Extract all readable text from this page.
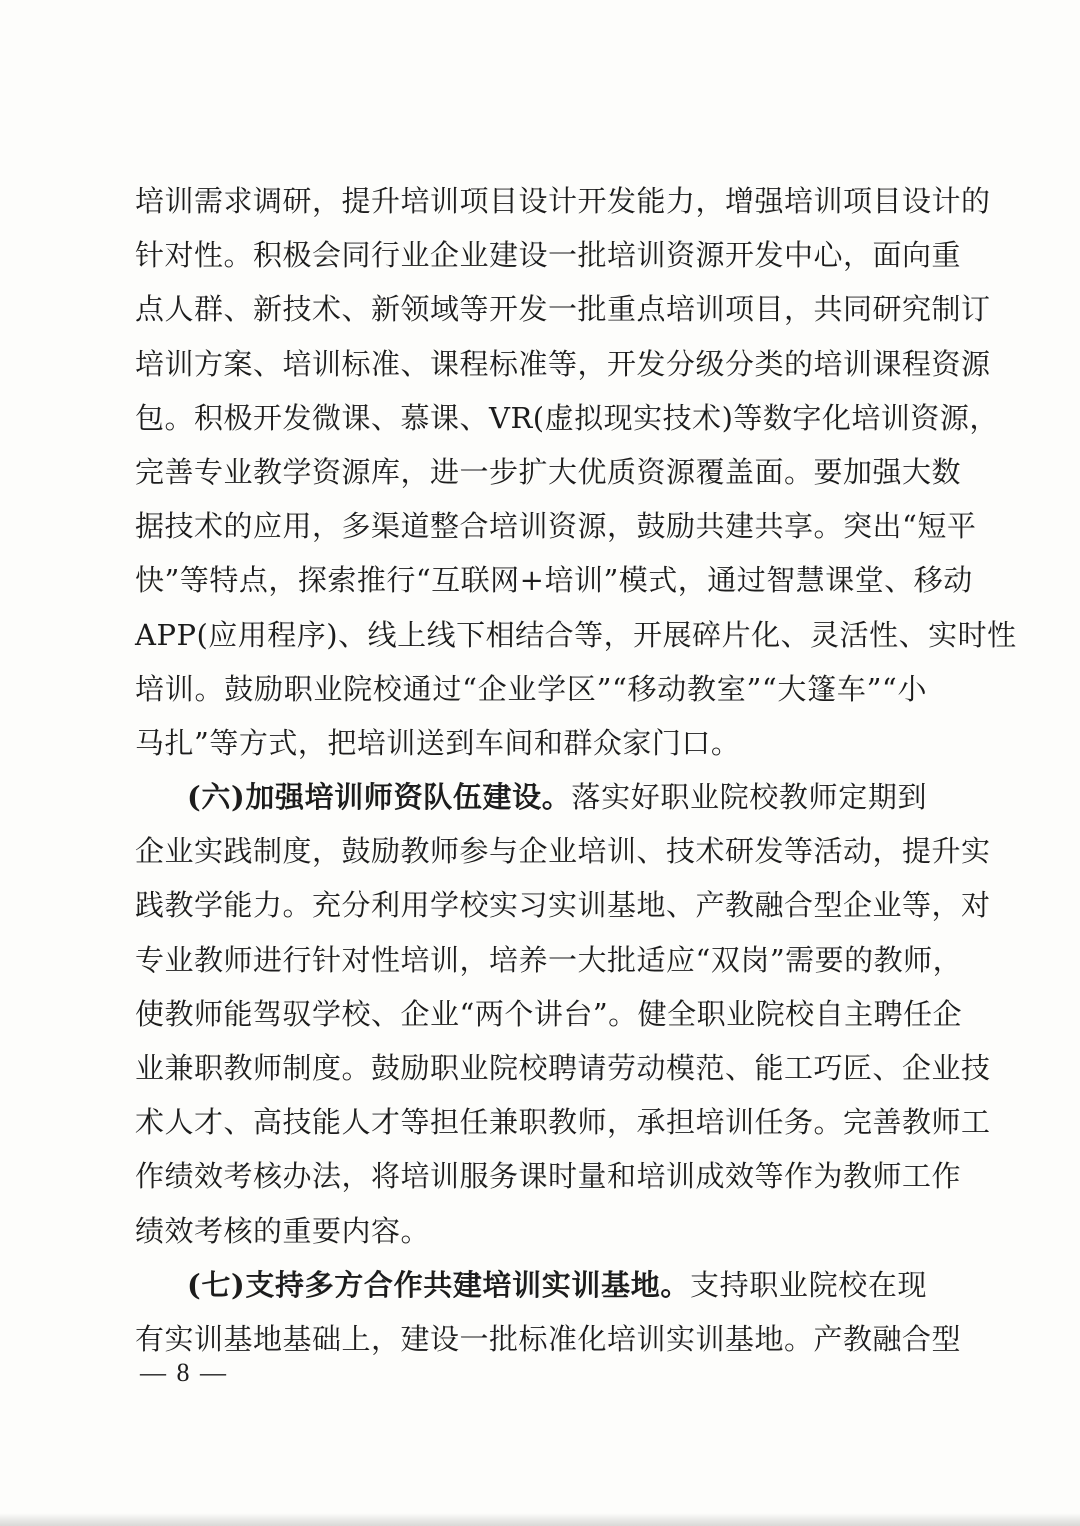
培训需求调研，提升培训项目设计开发能力，增强培训项目设计的
针对性。积极会同行业企业建设一批培训资源开发中心，面向重
点人群、新技术、新领域等开发一批重点培训项目，共同研究制订
培训方案、培训标准、课程标准等，开发分级分类的培训课程资源
包。积极开发微课、慕课、VR(虚拟现实技术)等数字化培训资源，
完善专业教学资源库，进一步扩大优质资源覆盖面。要加强大数
据技术的应用，多渠道整合培训资源，鼓励共建共享。突出“短平
快”等特点，探索推行“互联网+培训”模式，通过智慧课堂、移动
APP(应用程序)、线上线下相结合等，开展碎片化、灵活性、实时性
培训。鼓励职业院校通过“企业学区”“移动教室”“大篷车”“小
马扎”等方式，把培训送到车间和群众家门口。
(六)加强培训师资队伍建设。落实好职业院校教师定期到
企业实践制度，鼓励教师参与企业培训、技术研发等活动，提升实
践教学能力。充分利用学校实习实训基地、产教融合型企业等，对
专业教师进行针对性培训，培养一大批适应“双岗”需要的教师，
使教师能驾驭学校、企业“两个讲台”。健全职业院校自主聘任企
业兼职教师制度。鼓励职业院校聘请劳动模范、能工巧匠、企业技
术人才、高技能人才等担任兼职教师，承担培训任务。完善教师工
作绩效考核办法，将培训服务课时量和培训成效等作为教师工作
绩效考核的重要内容。
(七)支持多方合作共建培训实训基地。支持职业院校在现
有实训基地基础上，建设一批标准化培训实训基地。产教融合型
— 8 —
